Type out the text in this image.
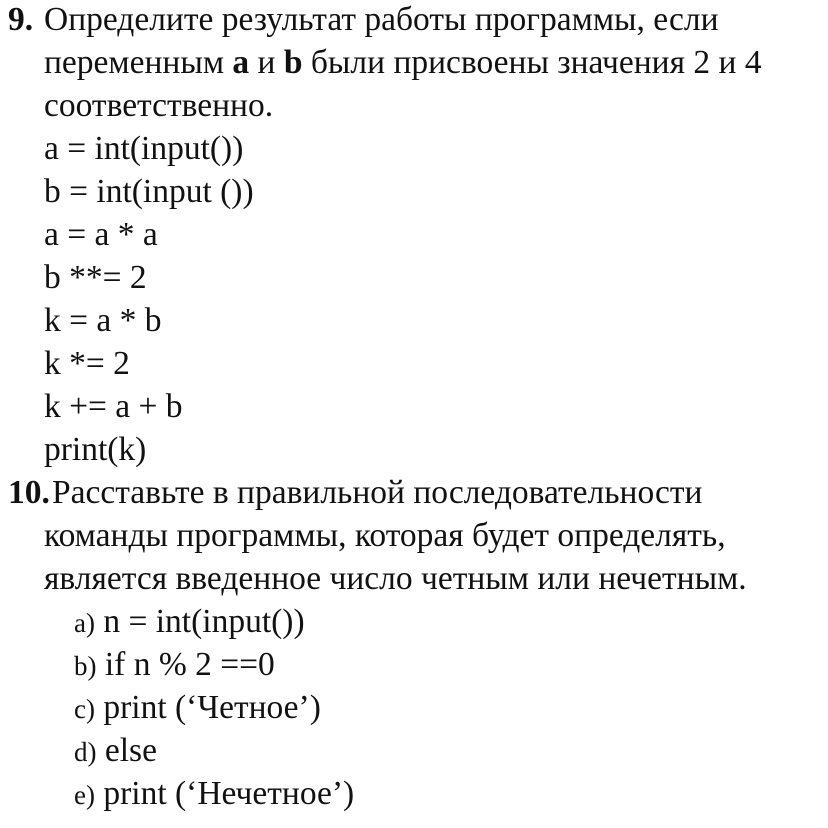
9. Определите результат работы программы, если
переменным a и b были присвоены значения 2 и 4
соответственно.
a = int(input())
b = int(input ())
a = a * a
b **= 2
k = a * b
k *= 2
k += a + b
print(k)
10. Расставьте в правильной последовательности
команды программы, которая будет определять,
является введенное число четным или нечетным.
a) n = int(input())
b) if n % 2 ==0
c) print (‘Четное’)
d) else
e) print (‘Нечетное’)
